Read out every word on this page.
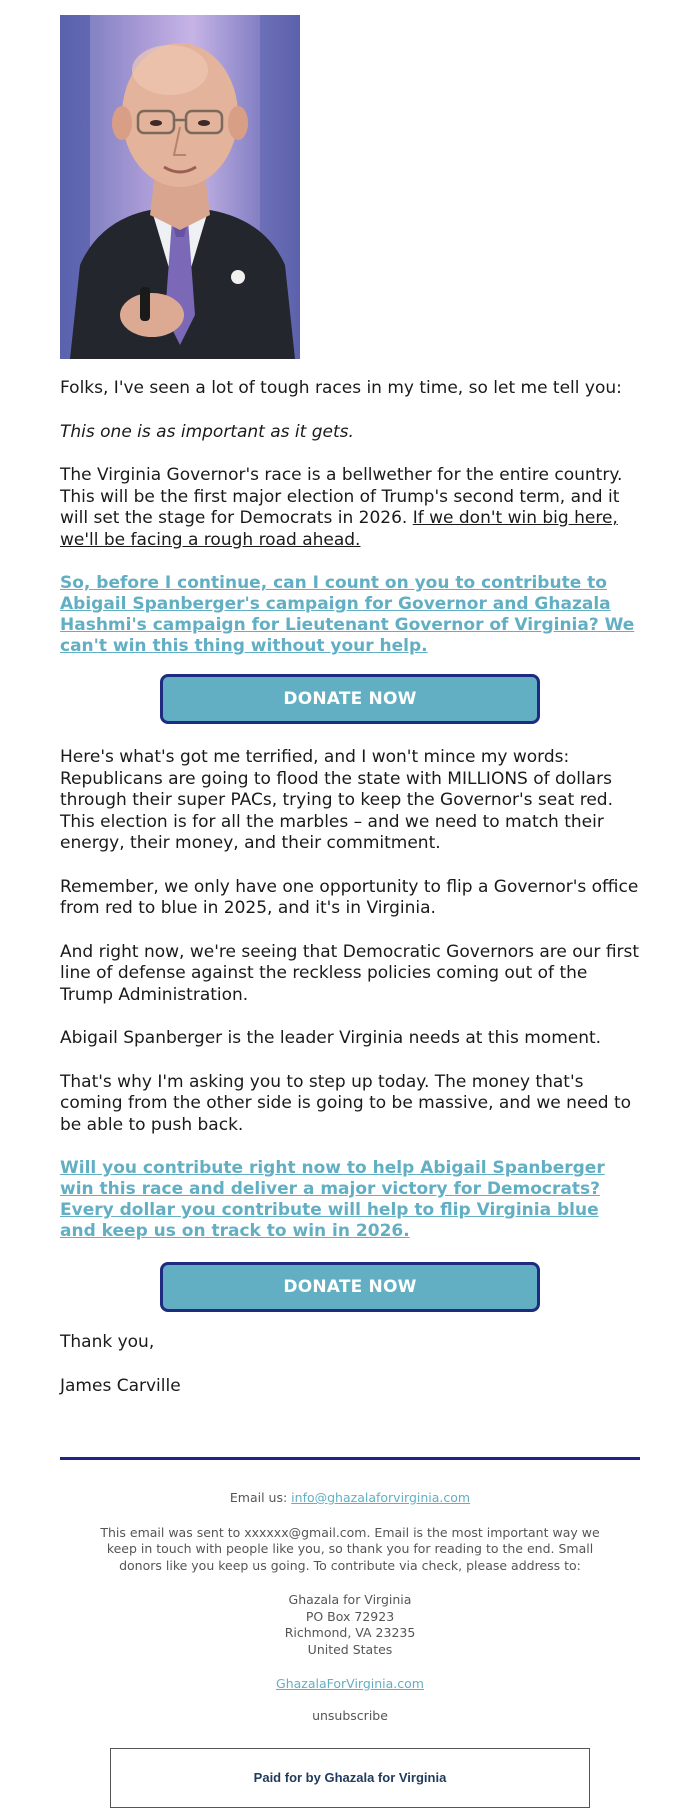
Folks, I've seen a lot of tough races in my time, so let me tell you:

This one is as important as it gets.

The Virginia Governor's race is a bellwether for the entire country. This will be the first major election of Trump's second term, and it will set the stage for Democrats in 2026. If we don't win big here, we'll be facing a rough road ahead.

So, before I continue, can I count on you to contribute to Abigail Spanberger's campaign for Governor and Ghazala Hashmi's campaign for Lieutenant Governor of Virginia? We can't win this thing without your help.

DONATE NOW

Here's what's got me terrified, and I won't mince my words: Republicans are going to flood the state with MILLIONS of dollars through their super PACs, trying to keep the Governor's seat red. This election is for all the marbles – and we need to match their energy, their money, and their commitment.

Remember, we only have one opportunity to flip a Governor's office from red to blue in 2025, and it's in Virginia.

And right now, we're seeing that Democratic Governors are our first line of defense against the reckless policies coming out of the Trump Administration.

Abigail Spanberger is the leader Virginia needs at this moment.

That's why I'm asking you to step up today. The money that's coming from the other side is going to be massive, and we need to be able to push back.

Will you contribute right now to help Abigail Spanberger win this race and deliver a major victory for Democrats? Every dollar you contribute will help to flip Virginia blue and keep us on track to win in 2026.

DONATE NOW

Thank you,

James Carville

Email us: info@ghazalaforvirginia.com
This email was sent to xxxxxx@gmail.com. Email is the most important way we keep in touch with people like you, so thank you for reading to the end. Small donors like you keep us going. To contribute via check, please address to:
Ghazala for Virginia
PO Box 72923
Richmond, VA 23235
United States
GhazalaForVirginia.com
unsubscribe
Paid for by Ghazala for Virginia
